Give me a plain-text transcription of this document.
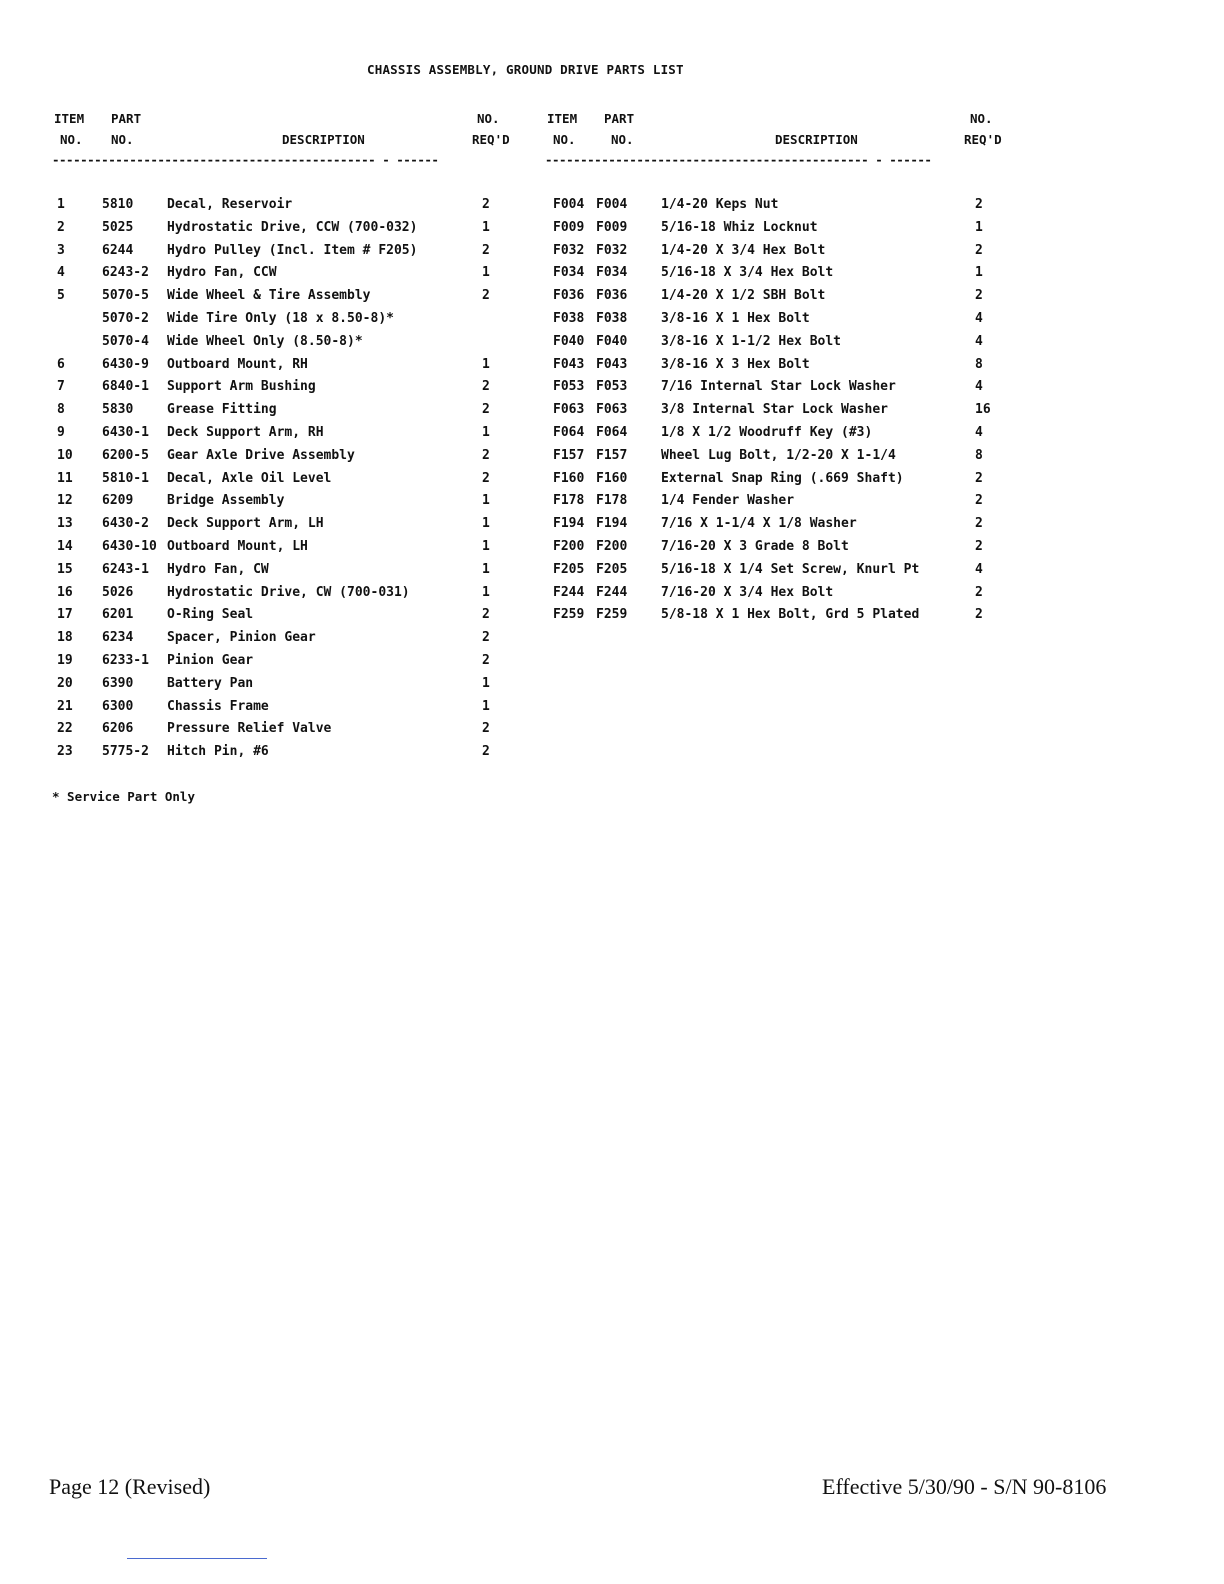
CHASSIS ASSEMBLY, GROUND DRIVE PARTS LIST
ITEM
NO.
PART
NO.	DESCRIPTION
NO.
REQ'D
---------------------------------------------- - ------
1	5810	Decal, Reservoir	2
2	5025	Hydrostatic Drive, CCW (700-032)	1
3	6244	Hydro Pulley (Incl. Item # F205)	2
4	6243-2 Hydro Fan, CCW	1
5	5070-5 Wide Wheel & Tire Assembly	2
5070-2 Wide Tire Only (18 x 8.50-8)*
5070-4 Wide Wheel Only (8.50-8)*
6	6430-9 Outboard Mount, RH	1
7	6840-1 Support Arm Bushing	2
8	5830	Grease Fitting	2
9	6430-1 Deck Support Arm, RH	1
10 6200-5 Gear Axle Drive Assembly	2
11 5810-1 Decal, Axle Oil Level	2
12 6209	Bridge Assembly	1
13 6430-2 Deck Support Arm, LH	1
14 6430-10 Outboard Mount, LH	1
15 6243-1 Hydro Fan, CW	1
16 5026	Hydrostatic Drive, CW (700-031)	1
17 6201	O-Ring Seal	2
18 6234	Spacer, Pinion Gear	2
19 6233-1 Pinion Gear	2
20 6390	Battery Pan	1
21 6300	Chassis Frame	1
22 6206	Pressure Relief Valve	2
23 5775-2 Hitch Pin, #6	2
ITEM
NO.
PART
NO.	DESCRIPTION
NO.
REQ'D
---------------------------------------------- - ------
F004 F004	1/4-20 Keps Nut	2
F009 F009	5/16-18 Whiz Locknut	1
F032 F032	1/4-20 X 3/4 Hex Bolt	2
F034 F034	5/16-18 X 3/4 Hex Bolt	1
F036 F036	1/4-20 X 1/2 SBH Bolt	2
F038 F038	3/8-16 X 1 Hex Bolt	4
F040 F040	3/8-16 X 1-1/2 Hex Bolt	4
F043 F043	3/8-16 X 3 Hex Bolt	8
F053 F053	7/16 Internal Star Lock Washer	4
F063 F063	3/8 Internal Star Lock Washer	16
F064 F064	1/8 X 1/2 Woodruff Key (#3)	4
F157 F157	Wheel Lug Bolt, 1/2-20 X 1-1/4	8
F160 F160	External Snap Ring (.669 Shaft)	2
F178 F178	1/4 Fender Washer	2
F194 F194	7/16 X 1-1/4 X 1/8 Washer	2
F200 F200	7/16-20 X 3 Grade 8 Bolt	2
F205 F205	5/16-18 X 1/4 Set Screw, Knurl Pt	4
F244 F244	7/16-20 X 3/4 Hex Bolt	2
F259 F259	5/8-18 X 1 Hex Bolt, Grd 5 Plated	2
* Service Part Only
Page 12 (Revised)	Effective 5/30/90 - S/N 90-8106
